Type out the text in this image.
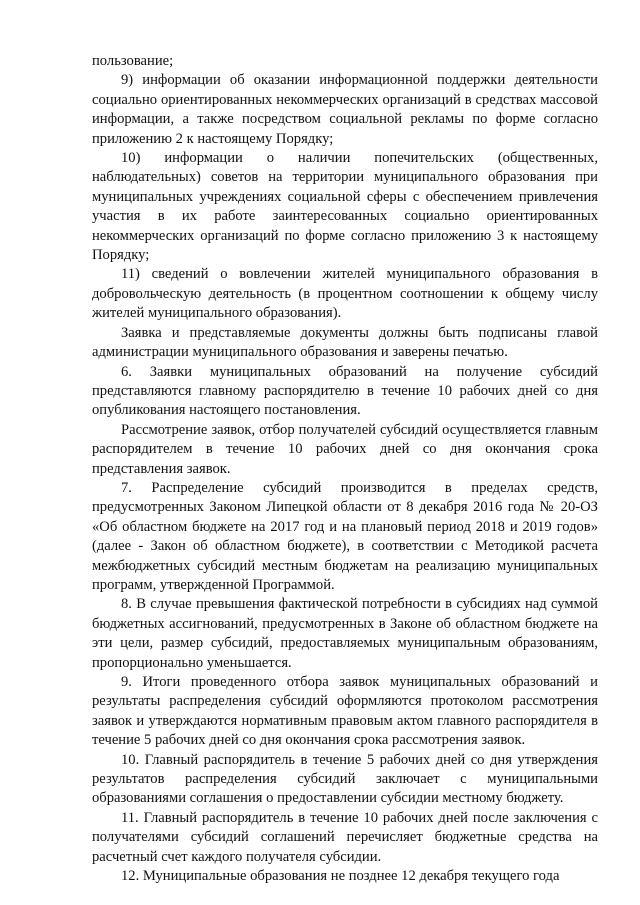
пользование;

9) информации об оказании информационной поддержки деятельности социально ориентированных некоммерческих организаций в средствах массовой информации, а также посредством социальной рекламы по форме согласно приложению 2 к настоящему Порядку;

10) информации о наличии попечительских (общественных, наблюдательных) советов на территории муниципального образования при муниципальных учреждениях социальной сферы с обеспечением привлечения участия в их работе заинтересованных социально ориентированных некоммерческих организаций по форме согласно приложению 3 к настоящему Порядку;

11) сведений о вовлечении жителей муниципального образования в добровольческую деятельность (в процентном соотношении к общему числу жителей муниципального образования).

Заявка и представляемые документы должны быть подписаны главой администрации муниципального образования и заверены печатью.

6. Заявки муниципальных образований на получение субсидий представляются главному распорядителю в течение 10 рабочих дней со дня опубликования настоящего постановления.

Рассмотрение заявок, отбор получателей субсидий осуществляется главным распорядителем в течение 10 рабочих дней со дня окончания срока представления заявок.

7. Распределение субсидий производится в пределах средств, предусмотренных Законом Липецкой области от 8 декабря 2016 года № 20-ОЗ «Об областном бюджете на 2017 год и на плановый период 2018 и 2019 годов» (далее - Закон об областном бюджете), в соответствии с Методикой расчета межбюджетных субсидий местным бюджетам на реализацию муниципальных программ, утвержденной Программой.

8. В случае превышения фактической потребности в субсидиях над суммой бюджетных ассигнований, предусмотренных в Законе об областном бюджете на эти цели, размер субсидий, предоставляемых муниципальным образованиям, пропорционально уменьшается.

9. Итоги проведенного отбора заявок муниципальных образований и результаты распределения субсидий оформляются протоколом рассмотрения заявок и утверждаются нормативным правовым актом главного распорядителя в течение 5 рабочих дней со дня окончания срока рассмотрения заявок.

10. Главный распорядитель в течение 5 рабочих дней со дня утверждения результатов распределения субсидий заключает с муниципальными образованиями соглашения о предоставлении субсидии местному бюджету.

11. Главный распорядитель в течение 10 рабочих дней после заключения с получателями субсидий соглашений перечисляет бюджетные средства на расчетный счет каждого получателя субсидии.

12. Муниципальные образования не позднее 12 декабря текущего года
